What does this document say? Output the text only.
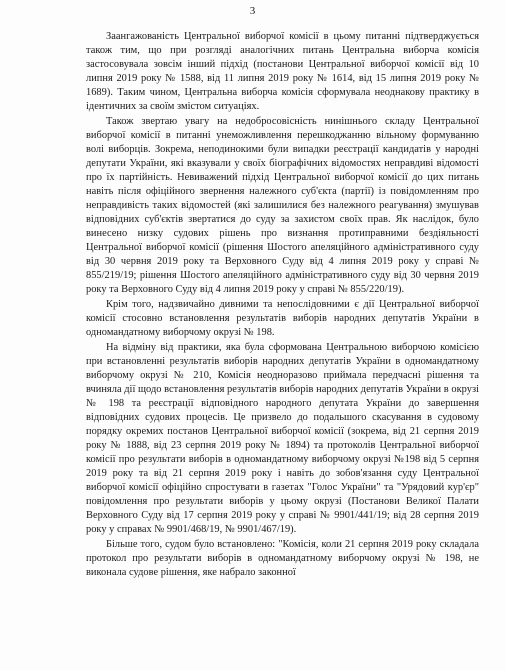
3

Заангажованість Центральної виборчої комісії в цьому питанні підтверджується також тим, що при розгляді аналогічних питань Центральна виборча комісія застосовувала зовсім інший підхід (постанови Центральної виборчої комісії від 10 липня 2019 року № 1588, від 11 липня 2019 року № 1614, від 15 липня 2019 року № 1689). Таким чином, Центральна виборча комісія сформувала неоднакову практику в ідентичних за своїм змістом ситуаціях.

Також звертаю увагу на недобросовісність нинішнього складу Центральної виборчої комісії в питанні унеможливлення перешкоджанню вільному формуванню волі виборців. Зокрема, неподинокими були випадки реєстрації кандидатів у народні депутати України, які вказували у своїх біографічних відомостях неправдиві відомості про їх партійність. Невиважений підхід Центральної виборчої комісії до цих питань навіть після офіційного звернення належного суб'єкта (партії) із повідомленням про неправдивість таких відомостей (які залишилися без належного реагування) змушував відповідних суб'єктів звертатися до суду за захистом своїх прав. Як наслідок, було винесено низку судових рішень про визнання протиправними бездіяльності Центральної виборчої комісії (рішення Шостого апеляційного адміністративного суду від 30 червня 2019 року та Верховного Суду від 4 липня 2019 року у справі № 855/219/19; рішення Шостого апеляційного адміністративного суду від 30 червня 2019 року та Верховного Суду від 4 липня 2019 року у справі № 855/220/19).

Крім того, надзвичайно дивними та непослідовними є дії Центральної виборчої комісії стосовно встановлення результатів виборів народних депутатів України в одномандатному виборчому окрузі № 198.

На відміну від практики, яка була сформована Центральною виборчою комісією при встановленні результатів виборів народних депутатів України в одномандатному виборчому окрузі № 210, Комісія неодноразово приймала передчасні рішення та вчиняла дії щодо встановлення результатів виборів народних депутатів України в окрузі № 198 та реєстрації відповідного народного депутата України до завершення відповідних судових процесів. Це призвело до подальшого скасування в судовому порядку окремих постанов Центральної виборчої комісії (зокрема, від 21 серпня 2019 року № 1888, від 23 серпня 2019 року № 1894) та протоколів Центральної виборчої комісії про результати виборів в одномандатному виборчому окрузі №198 від 5 серпня 2019 року та від 21 серпня 2019 року і навіть до зобов'язання суду Центральної виборчої комісії офіційно спростувати в газетах "Голос України" та "Урядовий кур'єр" повідомлення про результати виборів у цьому окрузі (Постанови Великої Палати Верховного Суду від 17 серпня 2019 року у справі № 9901/441/19; від 28 серпня 2019 року у справах № 9901/468/19, № 9901/467/19).

Більше того, судом було встановлено: "Комісія, коли 21 серпня 2019 року складала протокол про результати виборів в одномандатному виборчому окрузі № 198, не виконала судове рішення, яке набрало законної
